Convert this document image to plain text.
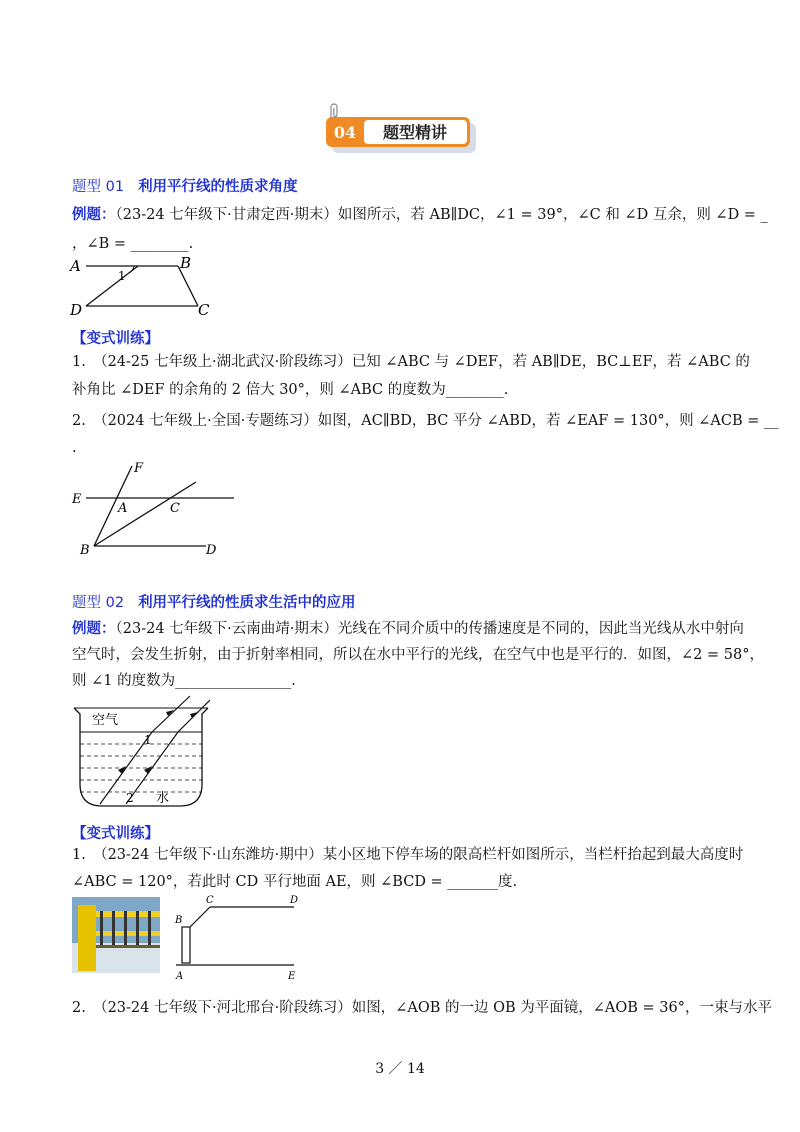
04 题型精讲
题型 01 利用平行线的性质求角度
例题：（23-24 七年级下·甘肃定西·期末）如图所示，若 AB∥DC，∠1 = 39°，∠C 和 ∠D 互余，则 ∠D = _
，∠B = ________.
A	B
C
D
1
【变式训练】
1.　（24-25 七年级上·湖北武汉·阶段练习）已知 ∠ABC 与 ∠DEF，若 AB∥DE，BC⊥EF，若 ∠ABC 的
补角比 ∠DEF 的余角的 2 倍大 30°，则 ∠ABC 的度数为________.
2.　（2024 七年级上·全国·专题练习）如图，AC∥BD，BC 平分 ∠ABD，若 ∠EAF = 130°，则 ∠ACB = __
.
F
E
A	C
B	D
题型 02 利用平行线的性质求生活中的应用
例题：（23-24 七年级下·云南曲靖·期末）光线在不同介质中的传播速度是不同的，因此当光线从水中射向
空气时，会发生折射，由于折射率相同，所以在水中平行的光线，在空气中也是平行的．如图，∠2 = 58°，
则 ∠1 的度数为________________.
空气
水
1
2
【变式训练】
1.　（23-24 七年级下·山东潍坊·期中）某小区地下停车场的限高栏杆如图所示，当栏杆抬起到最大高度时
∠ABC = 120°，若此时 CD 平行地面 AE，则 ∠BCD = _______度.
B
C	D
A	E
2.　（23-24 七年级下·河北邢台·阶段练习）如图，∠AOB 的一边 OB 为平面镜，∠AOB = 36°，一束与水平
3 ／ 14
